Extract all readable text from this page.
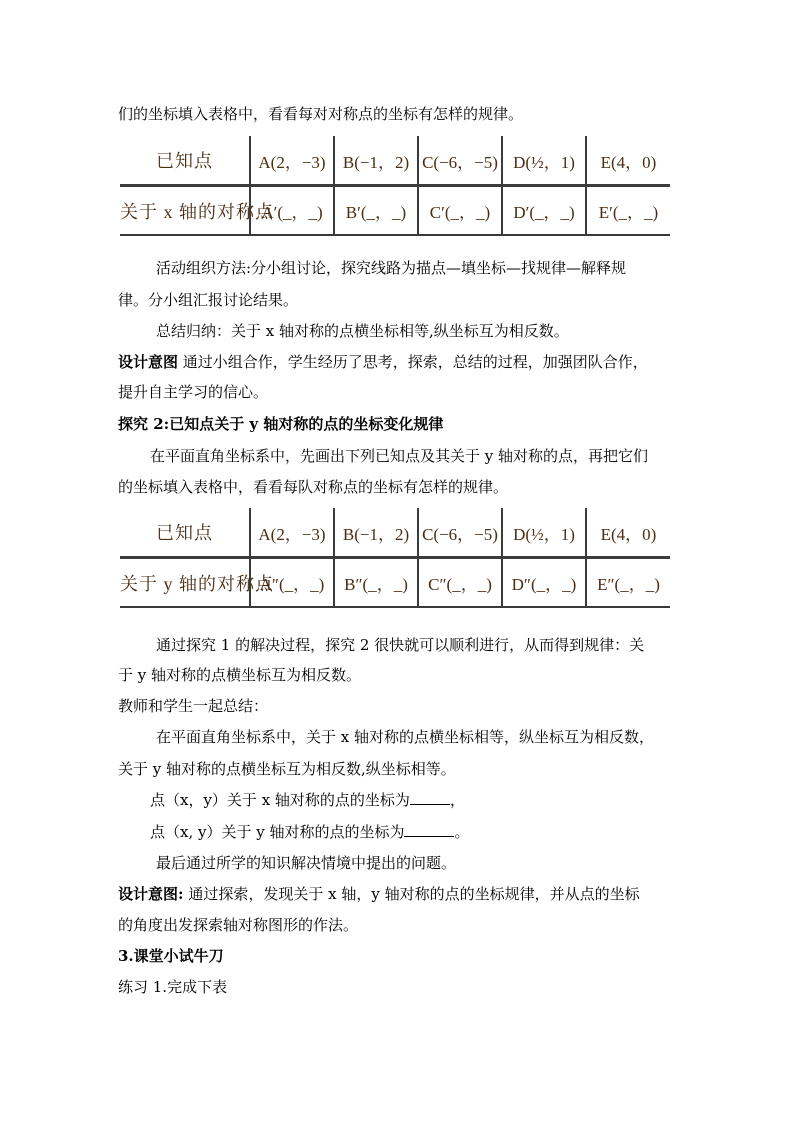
们的坐标填入表格中，看看每对对称点的坐标有怎样的规律。
已知点	A(2，−3)	B(−1，2)	C(−6，−5)	D(½，1)	E(4，0)
关于 x 轴的对称点	A′(_，_)	B′(_，_)	C′(_，_)	D′(_，_)	E′(_，_)
活动组织方法:分小组讨论，探究线路为描点—填坐标—找规律—解释规
律。分小组汇报讨论结果。
总结归纳：关于 x 轴对称的点横坐标相等,纵坐标互为相反数。
设计意图 通过小组合作，学生经历了思考，探索，总结的过程，加强团队合作，
提升自主学习的信心。
探究 2:已知点关于 y 轴对称的点的坐标变化规律
在平面直角坐标系中，先画出下列已知点及其关于 y 轴对称的点，再把它们
的坐标填入表格中，看看每队对称点的坐标有怎样的规律。
已知点	A(2，−3)	B(−1，2)	C(−6，−5)	D(½，1)	E(4，0)
关于 y 轴的对称点	A″(_，_)	B″(_，_)	C″(_，_)	D″(_，_)	E″(_，_)
通过探究 1 的解决过程，探究 2 很快就可以顺利进行，从而得到规律：关
于 y 轴对称的点横坐标互为相反数。
教师和学生一起总结：
在平面直角坐标系中，关于 x 轴对称的点横坐标相等，纵坐标互为相反数，
关于 y 轴对称的点横坐标互为相反数,纵坐标相等。
点（x，y）关于 x 轴对称的点的坐标为	，
点（x, y）关于 y 轴对称的点的坐标为	。
最后通过所学的知识解决情境中提出的问题。
设计意图: 通过探索，发现关于 x 轴，y 轴对称的点的坐标规律，并从点的坐标
的角度出发探索轴对称图形的作法。
3.课堂小试牛刀
练习 1.完成下表
